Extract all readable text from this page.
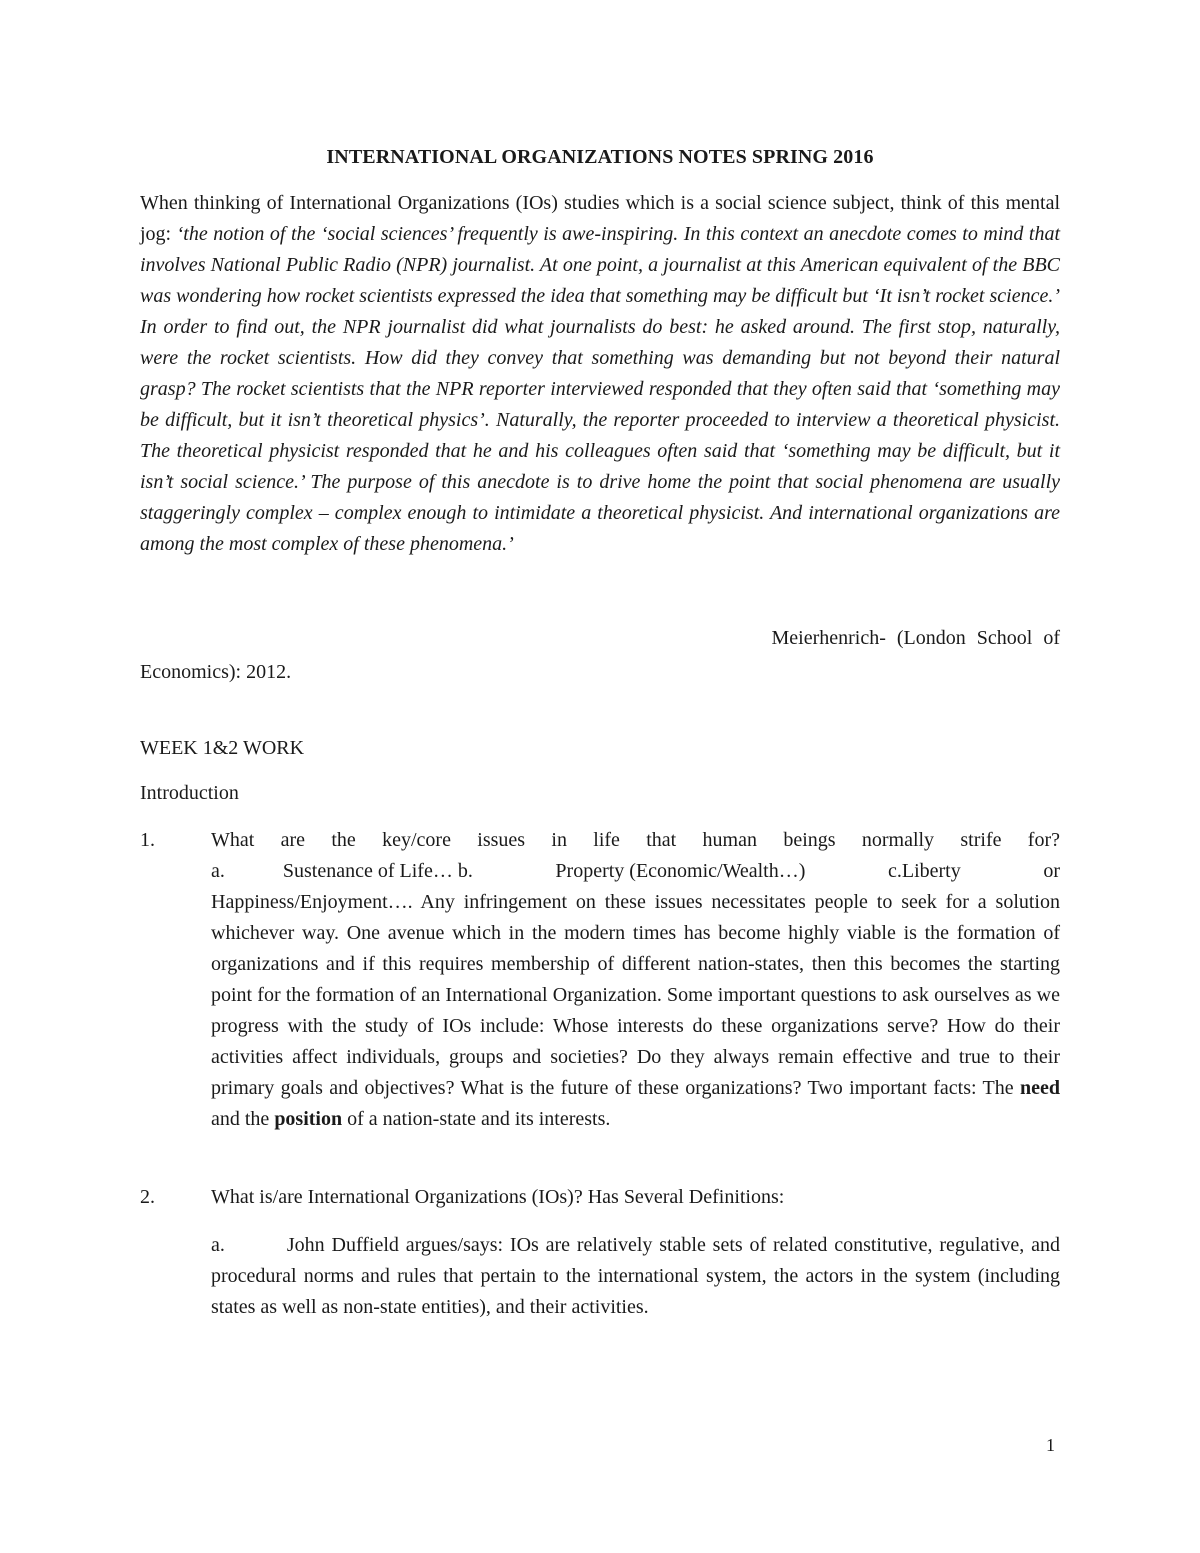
INTERNATIONAL ORGANIZATIONS NOTES SPRING 2016
When thinking of International Organizations (IOs) studies which is a social science subject, think of this mental jog: ‘the notion of the ‘social sciences’ frequently is awe-inspiring. In this context an anecdote comes to mind that involves National Public Radio (NPR) journalist. At one point, a journalist at this American equivalent of the BBC was wondering how rocket scientists expressed the idea that something may be difficult but ‘It isn’t rocket science.’ In order to find out, the NPR journalist did what journalists do best: he asked around. The first stop, naturally, were the rocket scientists. How did they convey that something was demanding but not beyond their natural grasp? The rocket scientists that the NPR reporter interviewed responded that they often said that ‘something may be difficult, but it isn’t theoretical physics’. Naturally, the reporter proceeded to interview a theoretical physicist. The theoretical physicist responded that he and his colleagues often said that ‘something may be difficult, but it isn’t social science.’ The purpose of this anecdote is to drive home the point that social phenomena are usually staggeringly complex – complex enough to intimidate a theoretical physicist. And international organizations are among the most complex of these phenomena.’
Meierhenrich- (London School of
Economics): 2012.
WEEK 1&2 WORK
Introduction
1.	What are the key/core issues in life that human beings normally strife for?
a.	Sustenance of Life… b.	Property (Economic/Wealth…)	c.Liberty	or
Happiness/Enjoyment…. Any infringement on these issues necessitates people to seek for a solution whichever way. One avenue which in the modern times has become highly viable is the formation of organizations and if this requires membership of different nation-states, then this becomes the starting point for the formation of an International Organization. Some important questions to ask ourselves as we progress with the study of IOs include: Whose interests do these organizations serve? How do their activities affect individuals, groups and societies? Do they always remain effective and true to their primary goals and objectives? What is the future of these organizations? Two important facts: The need and the position of a nation-state and its interests.
2.	What is/are International Organizations (IOs)? Has Several Definitions:
a.	John Duffield argues/says: IOs are relatively stable sets of related constitutive, regulative, and procedural norms and rules that pertain to the international system, the actors in the system (including states as well as non-state entities), and their activities.
1
